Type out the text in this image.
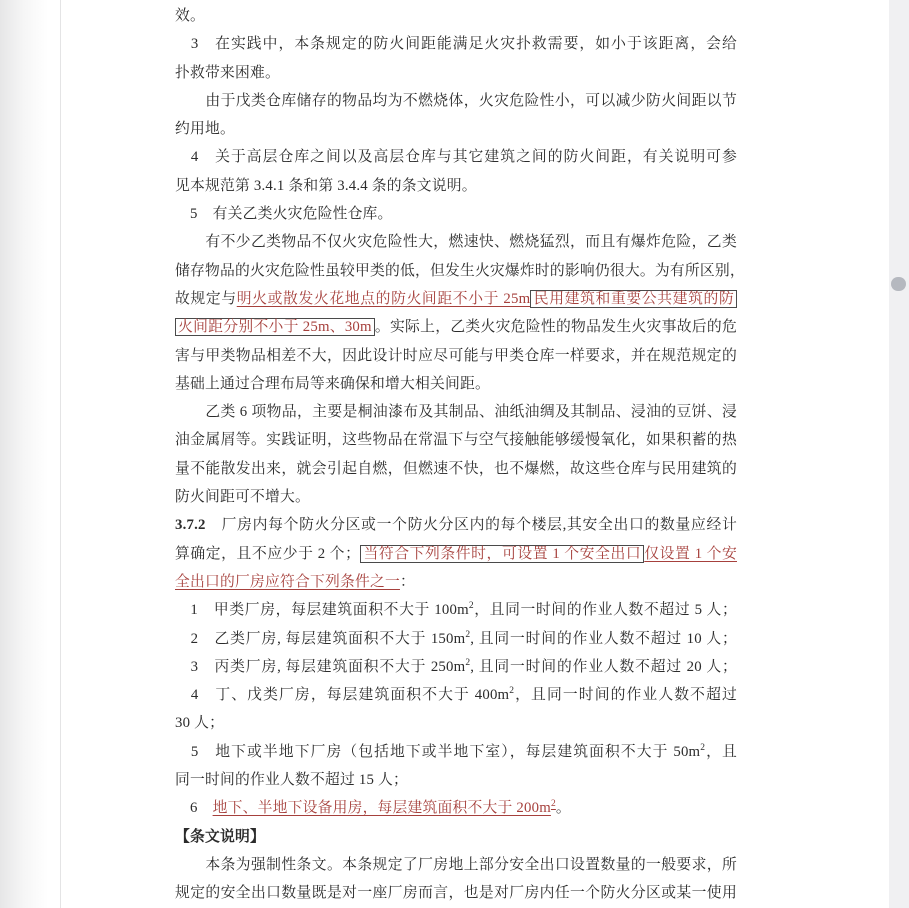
效。
　3　在实践中，本条规定的防火间距能满足火灾扑救需要，如小于该距离，会给
扑救带来困难。
　　由于戊类仓库储存的物品均为不燃烧体，火灾危险性小，可以减少防火间距以节
约用地。
　4　关于高层仓库之间以及高层仓库与其它建筑之间的防火间距，有关说明可参
见本规范第 3.4.1 条和第 3.4.4 条的条文说明。
　5　有关乙类火灾危险性仓库。
　　有不少乙类物品不仅火灾危险性大，燃速快、燃烧猛烈，而且有爆炸危险，乙类
储存物品的火灾危险性虽较甲类的低，但发生火灾爆炸时的影响仍很大。为有所区别，
故规定与明火或散发火花地点的防火间距不小于 25m 民用建筑和重要公共建筑的防
火间距分别不小于 25m、30m 。实际上，乙类火灾危险性的物品发生火灾事故后的危
害与甲类物品相差不大，因此设计时应尽可能与甲类仓库一样要求，并在规范规定的
基础上通过合理布局等来确保和增大相关间距。
　　乙类 6 项物品，主要是桐油漆布及其制品、油纸油绸及其制品、浸油的豆饼、浸
油金属屑等。实践证明，这些物品在常温下与空气接触能够缓慢氧化，如果积蓄的热
量不能散发出来，就会引起自燃，但燃速不快，也不爆燃，故这些仓库与民用建筑的
防火间距可不增大。
3.7.2　厂房内每个防火分区或一个防火分区内的每个楼层,其安全出口的数量应经计
算确定，且不应少于 2 个； 当符合下列条件时，可设置 1 个安全出口 仅设置 1 个安
全出口的厂房应符合下列条件之一：
　1　甲类厂房，每层建筑面积不大于 $100m^2$，且同一时间的作业人数不超过 5 人；
　2　乙类厂房, 每层建筑面积不大于 $150m^2$, 且同一时间的作业人数不超过 10 人；
　3　丙类厂房, 每层建筑面积不大于 $250m^2$, 且同一时间的作业人数不超过 20 人；
　4　丁、戊类厂房，每层建筑面积不大于 $400m^2$，且同一时间的作业人数不超过
30 人；
　5　地下或半地下厂房（包括地下或半地下室），每层建筑面积不大于 $50m^2$，且
同一时间的作业人数不超过 15 人；
　6　地下、半地下设备用房，每层建筑面积不大于 $200m^2$。
【条文说明】
　　本条为强制性条文。本条规定了厂房地上部分安全出口设置数量的一般要求，所
规定的安全出口数量既是对一座厂房而言，也是对厂房内任一个防火分区或某一使用
